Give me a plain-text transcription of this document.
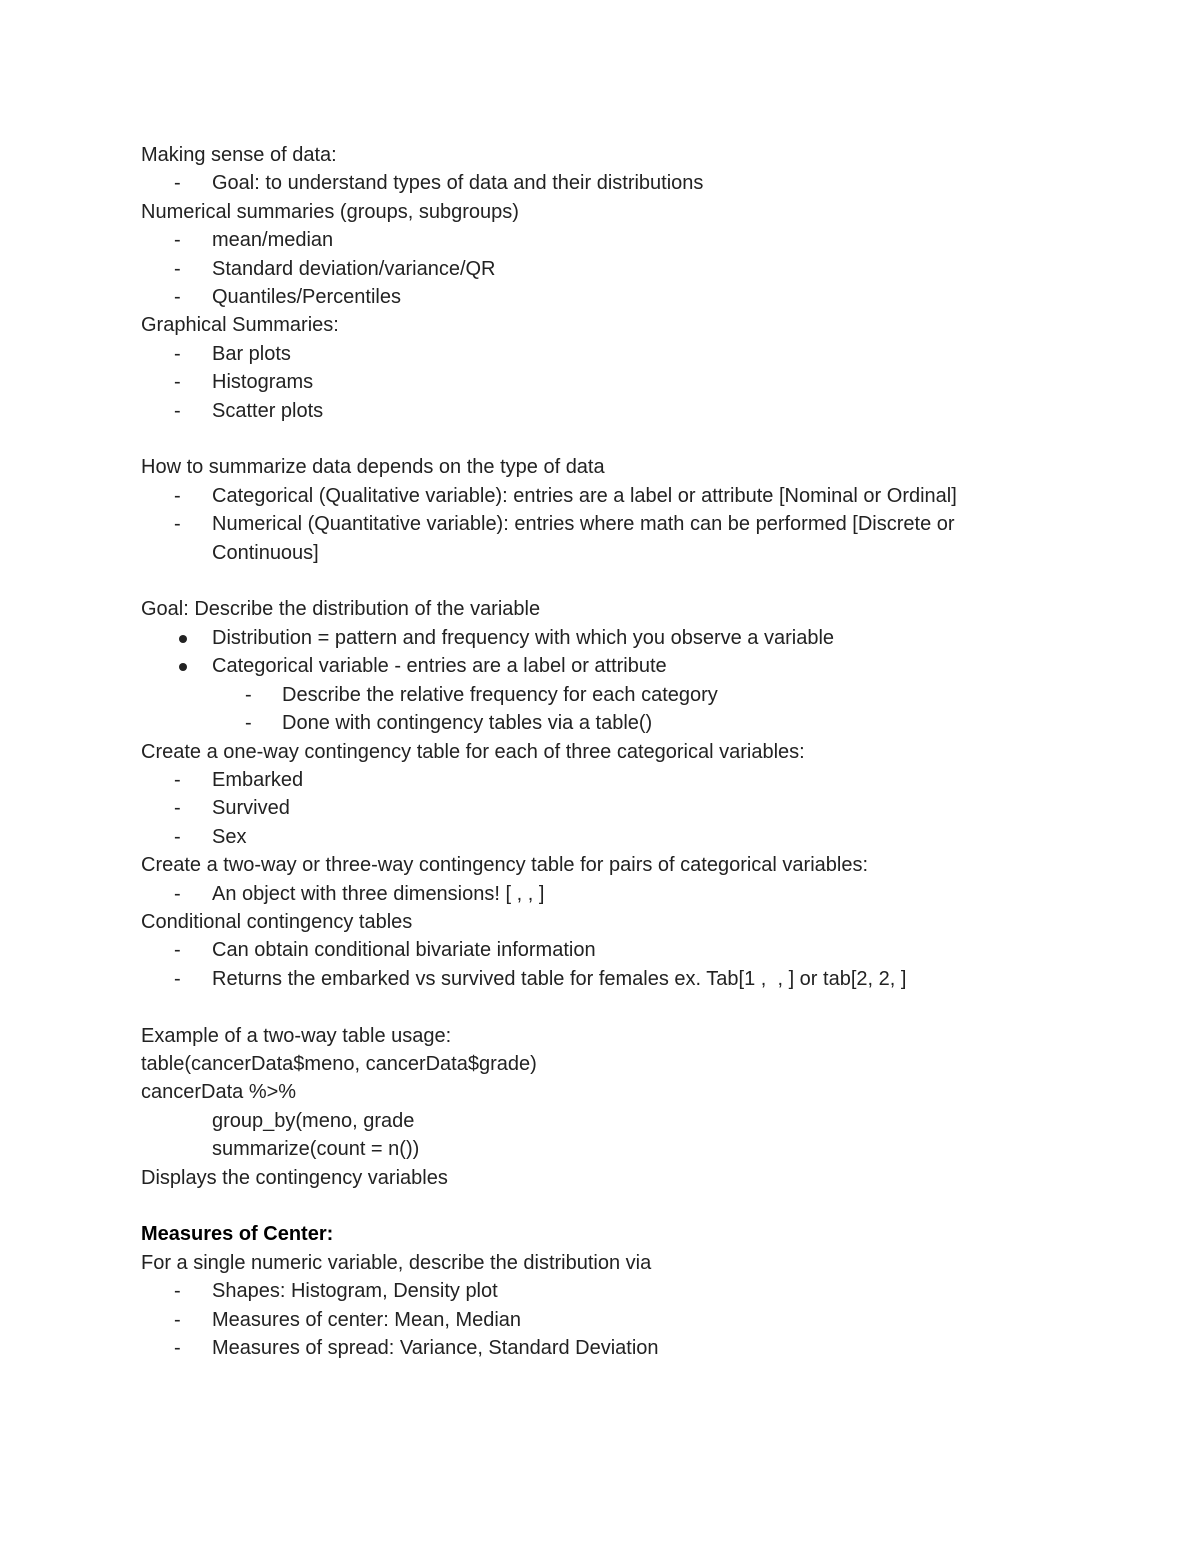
Making sense of data:
- Goal: to understand types of data and their distributions
Numerical summaries (groups, subgroups)
- mean/median
- Standard deviation/variance/QR
- Quantiles/Percentiles
Graphical Summaries:
- Bar plots
- Histograms
- Scatter plots
How to summarize data depends on the type of data
- Categorical (Qualitative variable): entries are a label or attribute [Nominal or Ordinal]
- Numerical (Quantitative variable): entries where math can be performed [Discrete or Continuous]
Goal: Describe the distribution of the variable
Distribution = pattern and frequency with which you observe a variable
Categorical variable - entries are a label or attribute
- Describe the relative frequency for each category
- Done with contingency tables via a table()
Create a one-way contingency table for each of three categorical variables:
- Embarked
- Survived
- Sex
Create a two-way or three-way contingency table for pairs of categorical variables:
- An object with three dimensions! [ , , ]
Conditional contingency tables
- Can obtain conditional bivariate information
- Returns the embarked vs survived table for females ex. Tab[1 ,  , ] or tab[2, 2, ]
Example of a two-way table usage:
table(cancerData$meno, cancerData$grade)
cancerData %>%
group_by(meno, grade
summarize(count = n())
Displays the contingency variables
Measures of Center:
For a single numeric variable, describe the distribution via
- Shapes: Histogram, Density plot
- Measures of center: Mean, Median
- Measures of spread: Variance, Standard Deviation
